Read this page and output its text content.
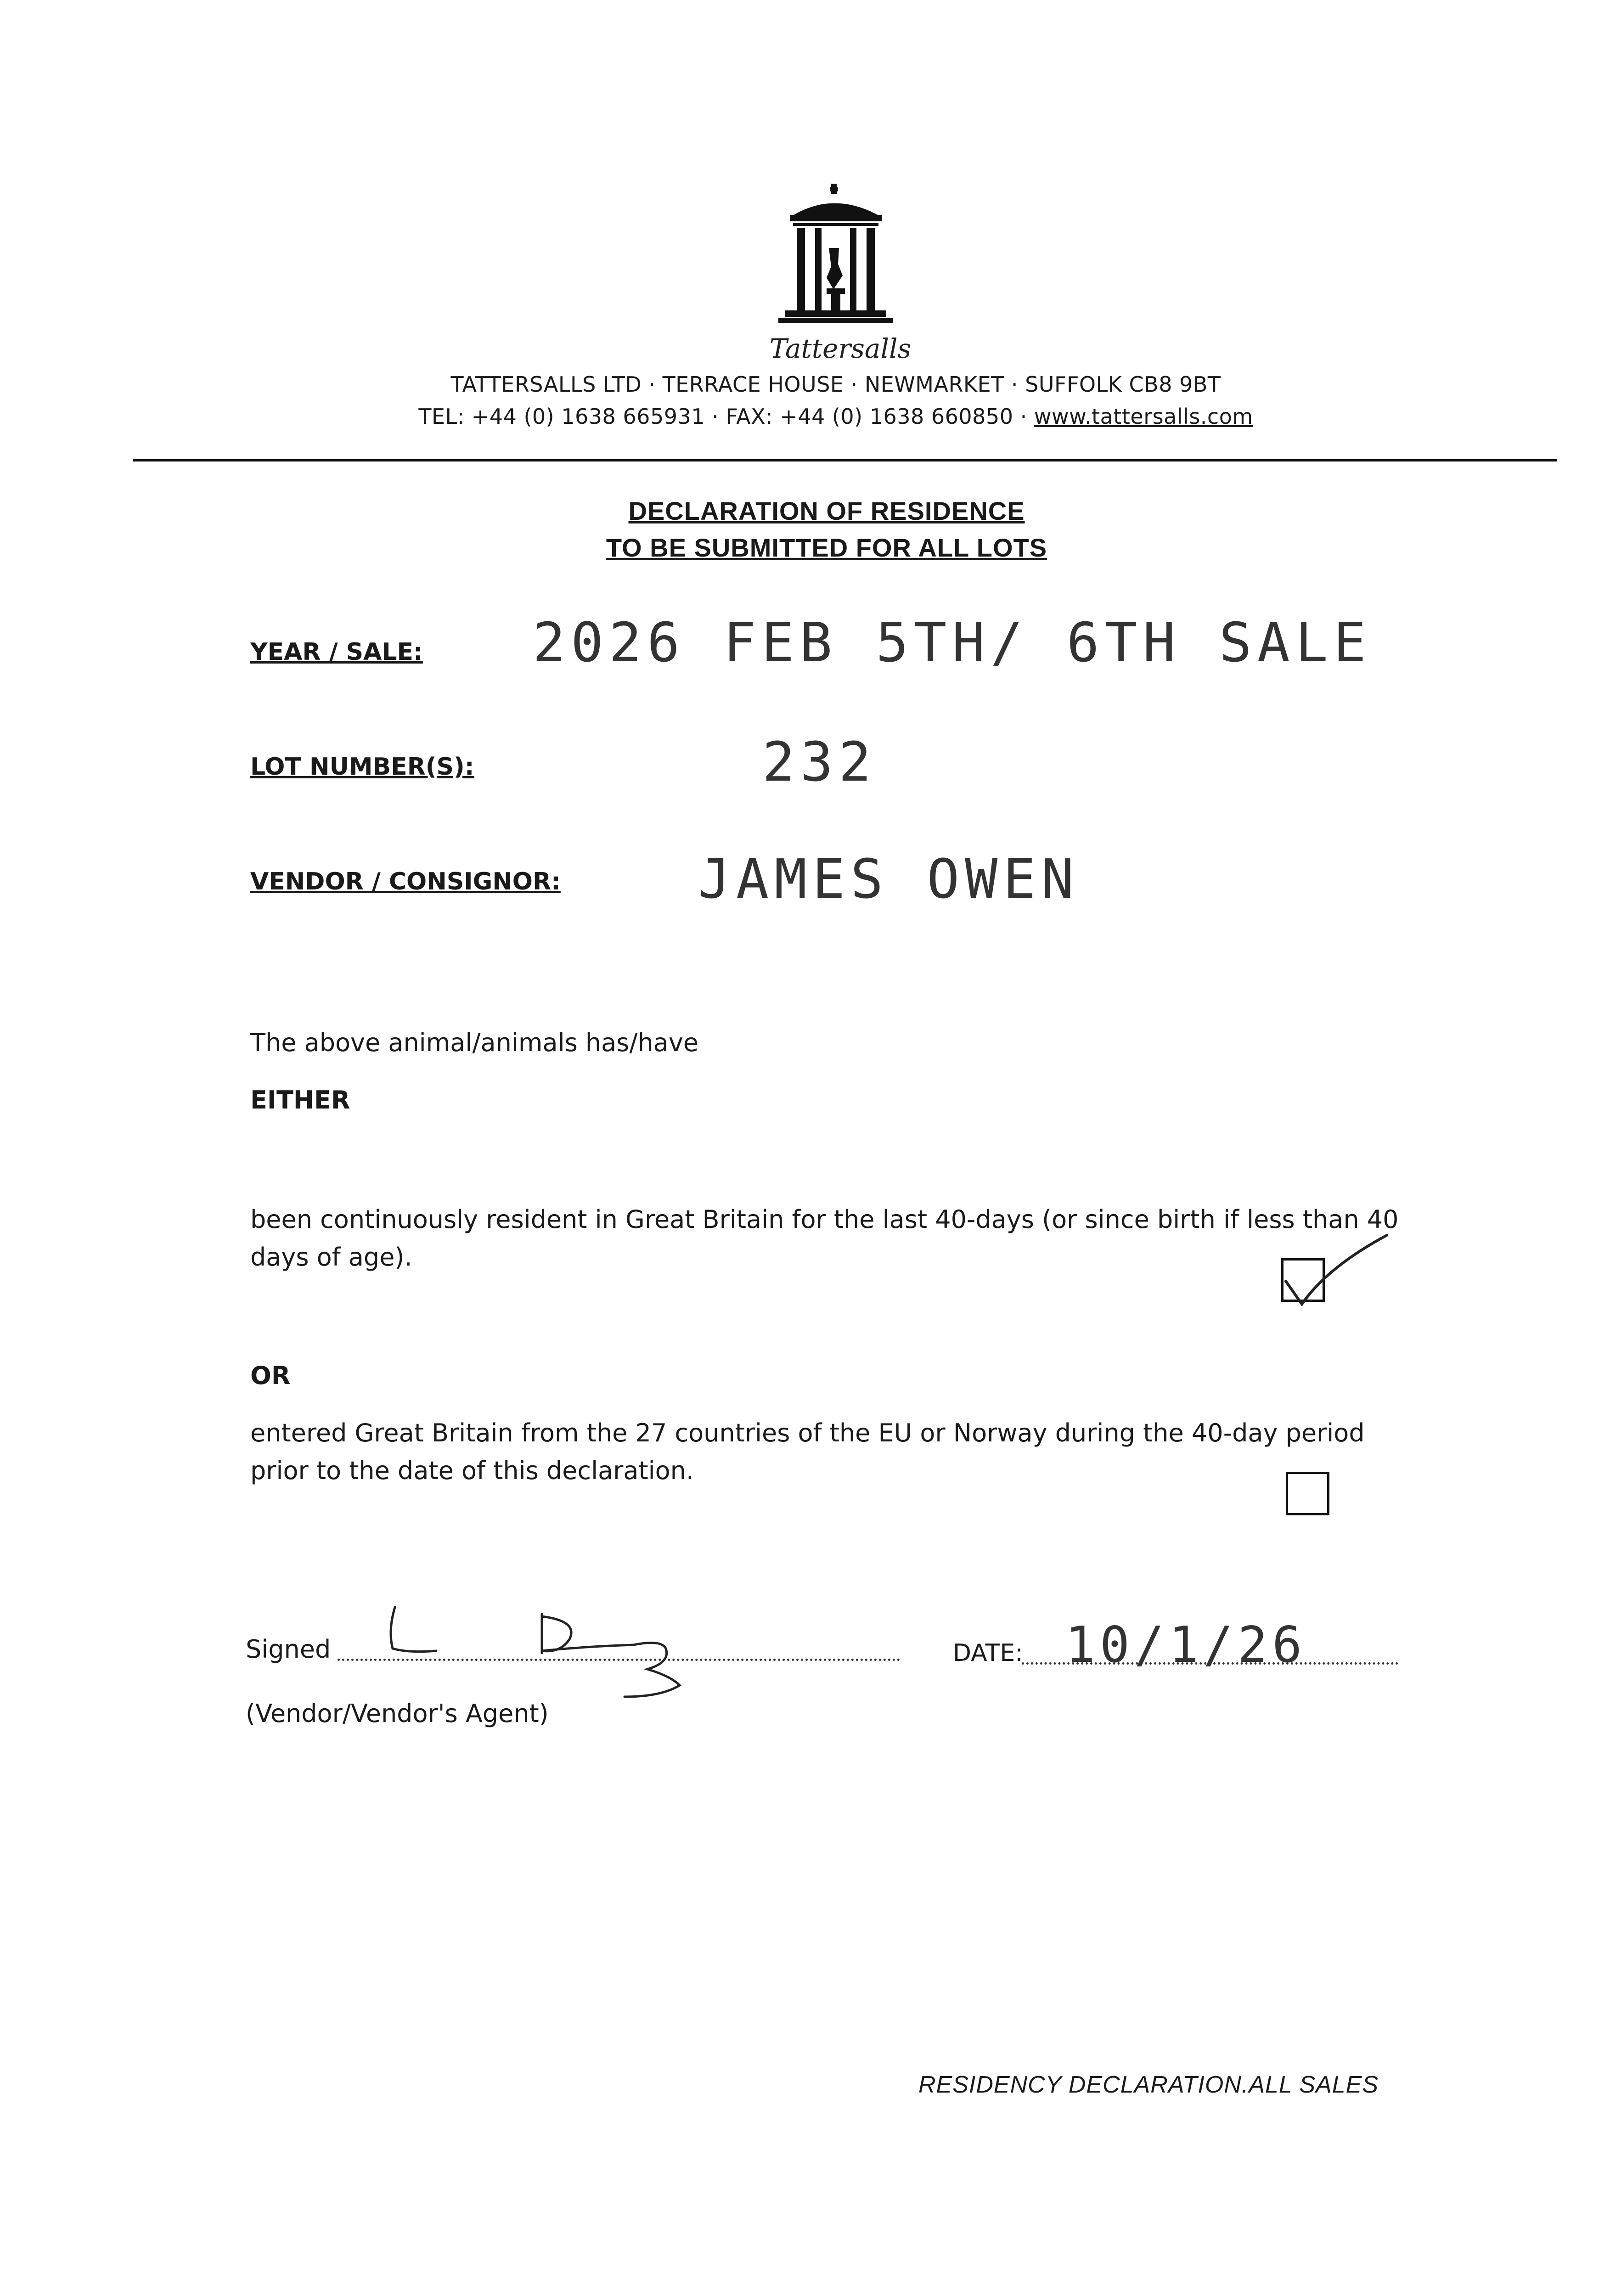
Tattersalls
TATTERSALLS LTD · TERRACE HOUSE · NEWMARKET · SUFFOLK CB8 9BT
TEL: +44 (0) 1638 665931 · FAX: +44 (0) 1638 660850 · www.tattersalls.com
DECLARATION OF RESIDENCE
TO BE SUBMITTED FOR ALL LOTS
YEAR / SALE: 2026 FEB 5TH/ 6TH SALE
LOT NUMBER(S):	232
VENDOR / CONSIGNOR:	JAMES OWEN
The above animal/animals has/have
EITHER
been continuously resident in Great Britain for the last 40-days (or since birth if less than 40 days of age).
OR
entered Great Britain from the 27 countries of the EU or Norway during the 40-day period prior to the date of this declaration.
Signed
(Vendor/Vendor's Agent)
DATE: 10/1/26
RESIDENCY DECLARATION.ALL SALES
